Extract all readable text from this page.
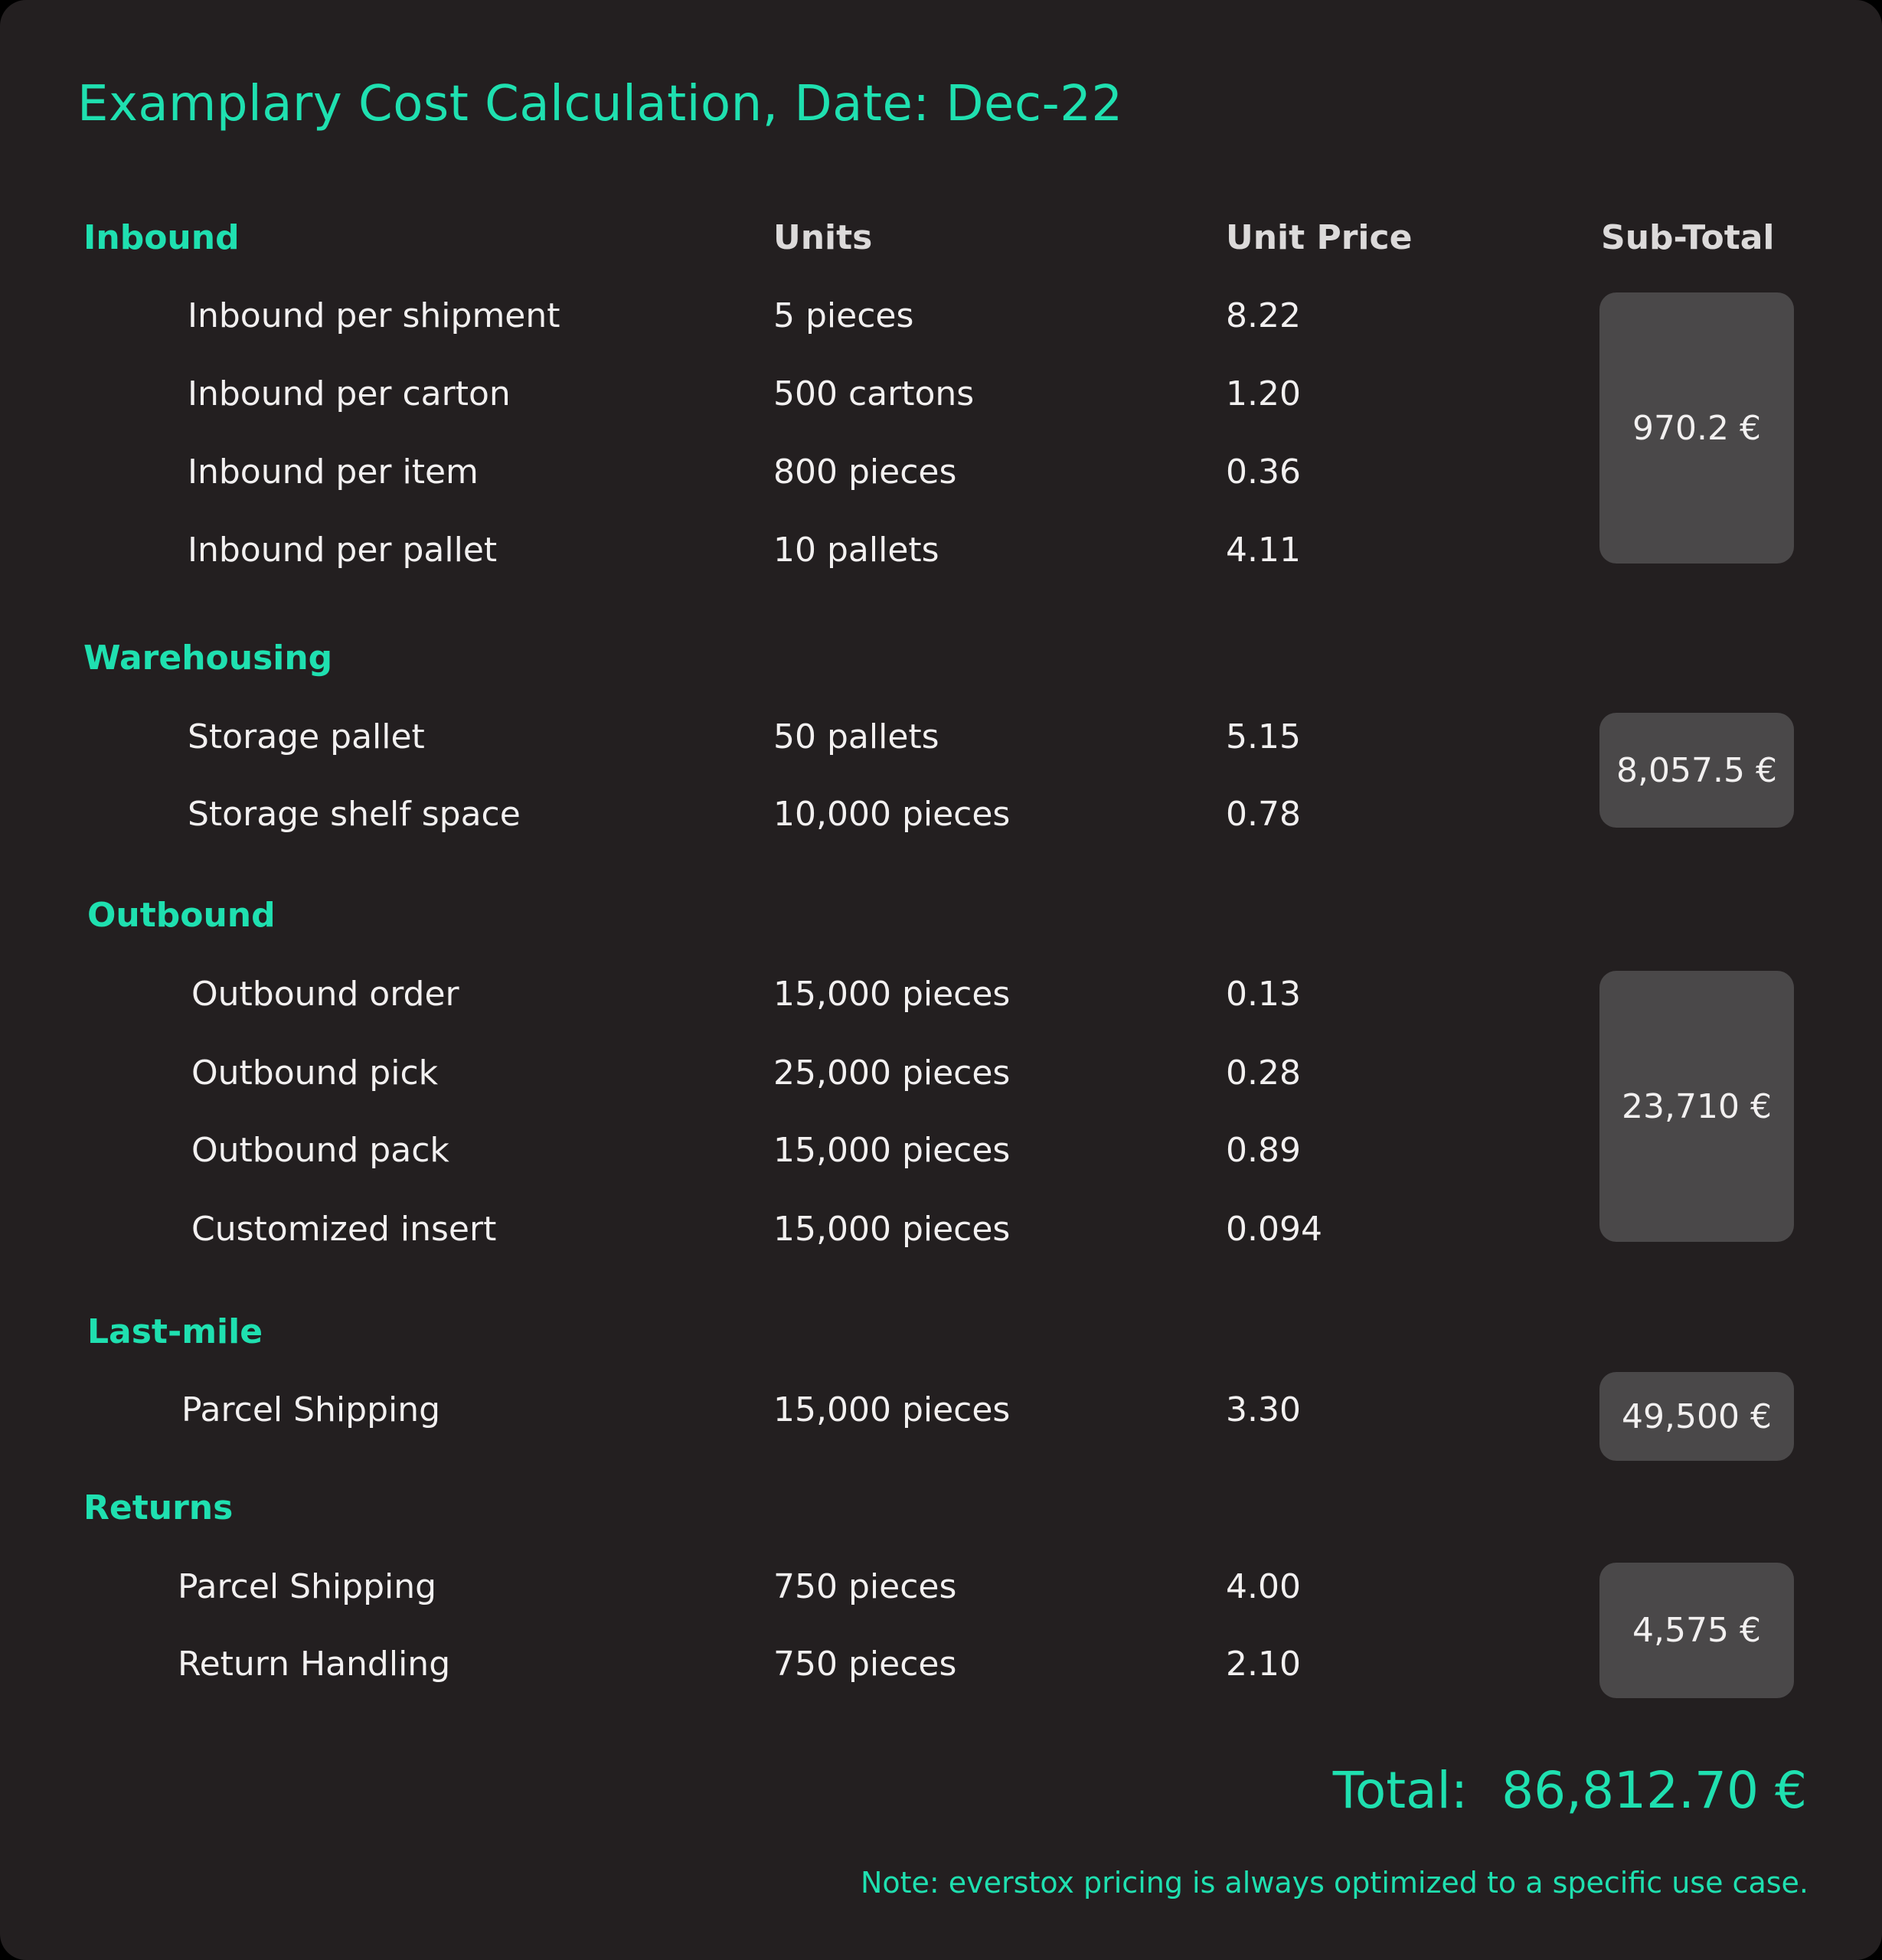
Examplary Cost Calculation, Date: Dec-22
Inbound	Units	Unit Price	Sub-Total
Inbound per shipment	5 pieces	8.22
Inbound per carton	500 cartons	1.20
Inbound per item	800 pieces	0.36
Inbound per pallet	10 pallets	4.11
970.2 €
Warehousing
Storage pallet	50 pallets	5.15
Storage shelf space	10,000 pieces	0.78
8,057.5 €
Outbound
Outbound order	15,000 pieces	0.13
Outbound pick	25,000 pieces	0.28
Outbound pack	15,000 pieces	0.89
Customized insert	15,000 pieces	0.094
23,710 €
Last-mile
Parcel Shipping	15,000 pieces	3.30	49,500 €
Returns
Parcel Shipping	750 pieces	4.00
Return Handling	750 pieces	2.10
4,575 €
Total: 86,812.70 €
Note: everstox pricing is always optimized to a specific use case.
